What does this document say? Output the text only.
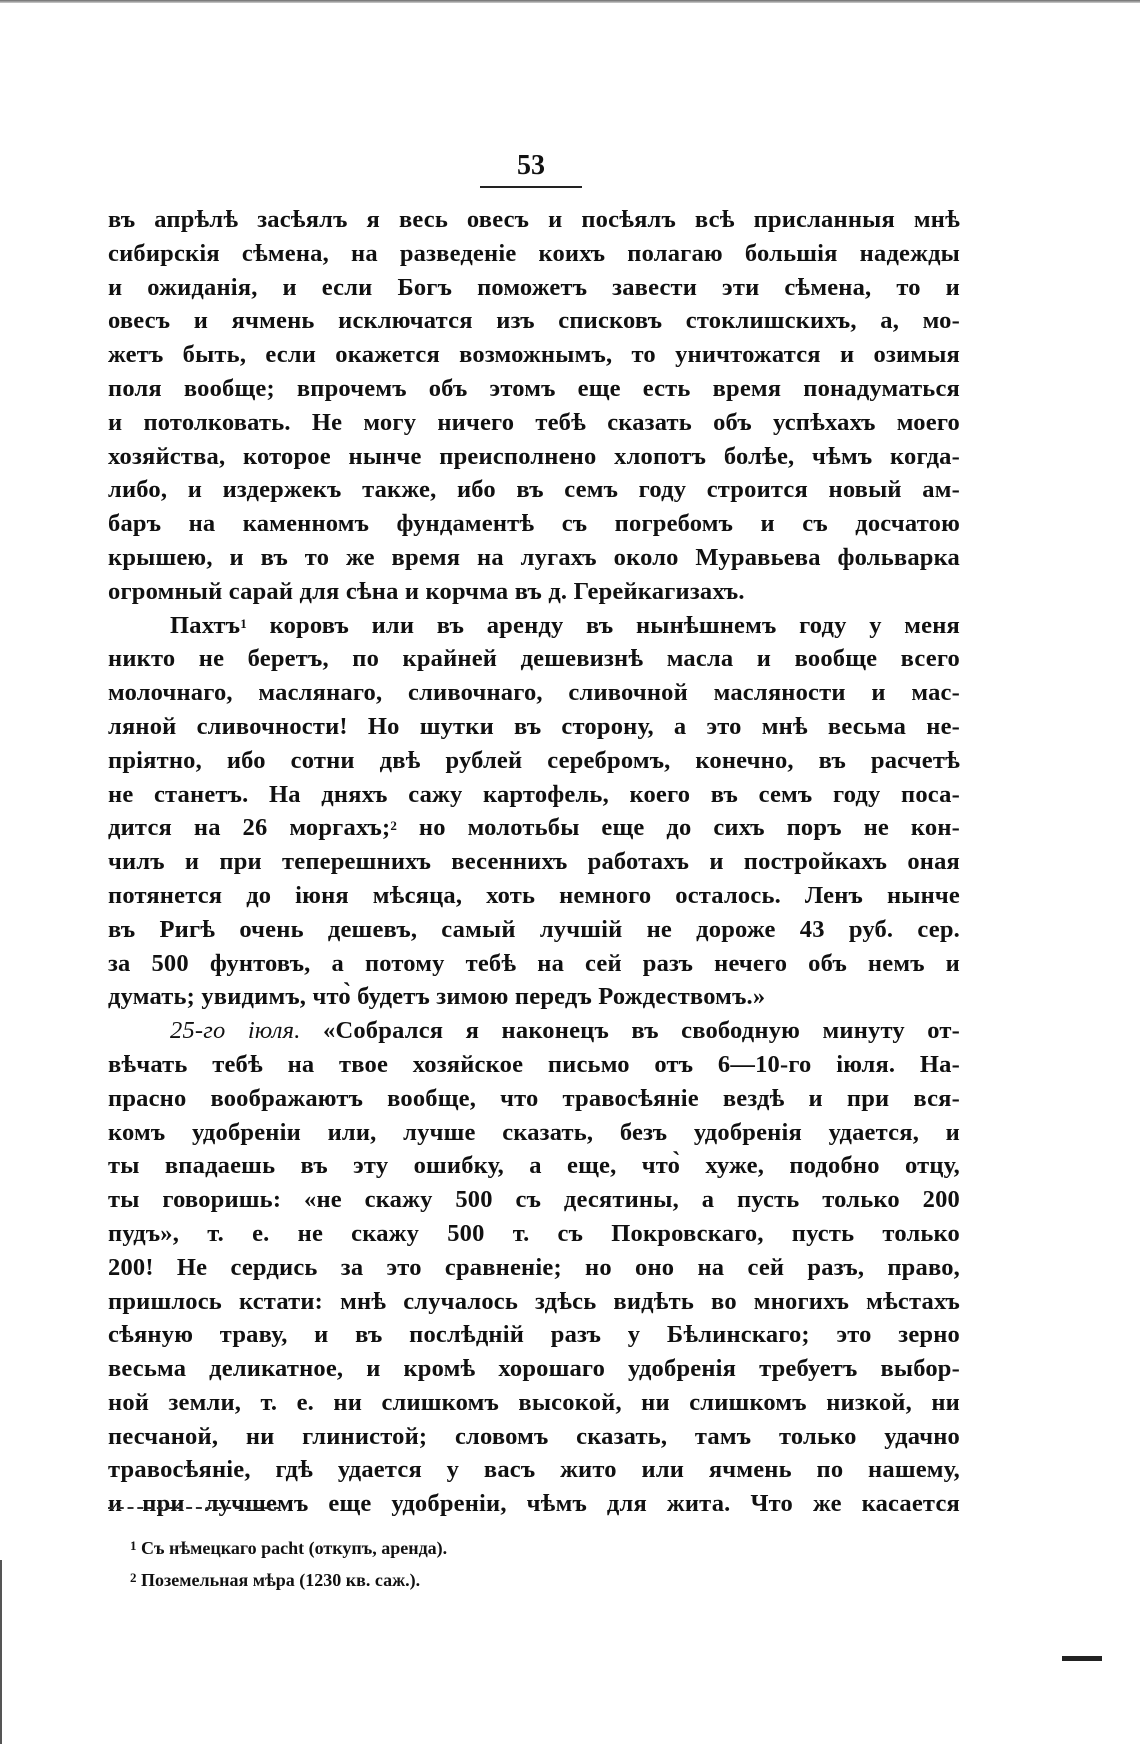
53
въ апрѣлѣ засѣялъ я весь овесъ и посѣялъ всѣ присланныя мнѣ
сибирскія сѣмена, на разведеніе коихъ полагаю большія надежды
и ожиданія, и если Богъ поможетъ завести эти сѣмена, то и
овесъ и ячмень исключатся изъ списковъ стоклишскихъ, а, мо-
жетъ быть, если окажется возможнымъ, то уничтожатся и озимыя
поля вообще; впрочемъ объ этомъ еще есть время понадуматься
и потолковать. Не могу ничего тебѣ сказать объ успѣхахъ моего
хозяйства, которое нынче преисполнено хлопотъ болѣе, чѣмъ когда-
либо, и издержекъ также, ибо въ семъ году строится новый ам-
баръ на каменномъ фундаментѣ съ погребомъ и съ досчатою
крышею, и въ то же время на лугахъ около Муравьева фольварка
огромный сарай для сѣна и корчма въ д. Герейкагизахъ.
Пахтъ$^1$ коровъ или въ аренду въ нынѣшнемъ году у меня
никто не беретъ, по крайней дешевизнѣ масла и вообще всего
молочнаго, маслянаго, сливочнаго, сливочной масляности и мас-
ляной сливочности! Но шутки въ сторону, а это мнѣ весьма не-
пріятно, ибо сотни двѣ рублей серебромъ, конечно, въ расчетѣ
не станетъ. На дняхъ сажу картофель, коего въ семъ году поса-
дится на 26 моргахъ;$^2$ но молотьбы еще до сихъ поръ не кон-
чилъ и при теперешнихъ весеннихъ работахъ и постройкахъ оная
потянется до іюня мѣсяца, хоть немного осталось. Ленъ нынче
въ Ригѣ очень дешевъ, самый лучшій не дороже 43 руб. сер.
за 500 фунтовъ, а потому тебѣ на сей разъ нечего объ немъ и
думать; увидимъ, что̀ будетъ зимою передъ Рождествомъ.»
25-го іюля. «Собрался я наконецъ въ свободную минуту от-
вѣчать тебѣ на твое хозяйское письмо отъ 6—10-го іюля. На-
прасно воображаютъ вообще, что травосѣяніе вездѣ и при вся-
комъ удобреніи или, лучше сказать, безъ удобренія удается, и
ты впадаешь въ эту ошибку, а еще, что̀ хуже, подобно отцу,
ты говоришь: «не скажу 500 съ десятины, а пусть только 200
пудъ», т. е. не скажу 500 т. съ Покровскаго, пусть только
200! Не сердись за это сравненіе; но оно на сей разъ, право,
пришлось кстати: мнѣ случалось здѣсь видѣть во многихъ мѣстахъ
сѣяную траву, и въ послѣдній разъ у Бѣлинскаго; это зерно
весьма деликатное, и кромѣ хорошаго удобренія требуетъ выбор-
ной земли, т. е. ни слишкомъ высокой, ни слишкомъ низкой, ни
песчаной, ни глинистой; словомъ сказать, тамъ только удачно
травосѣяніе, гдѣ удается у васъ жито или ячмень по нашему,
и при лучшемъ еще удобреніи, чѣмъ для жита. Что же касается
$^1$ Съ нѣмецкаго pacht (откупъ, аренда).
$^2$ Поземельная мѣра (1230 кв. саж.).
